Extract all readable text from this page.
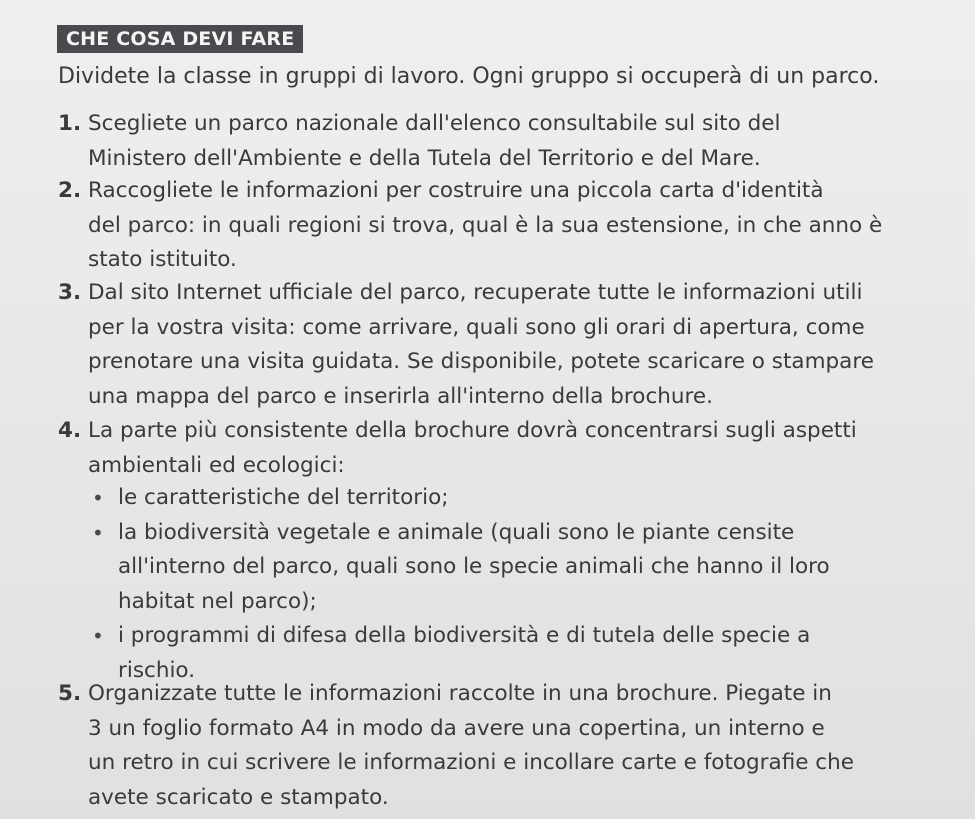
CHE COSA DEVI FARE
Dividete la classe in gruppi di lavoro. Ogni gruppo si occuperà di un parco.
1. Scegliete un parco nazionale dall'elenco consultabile sul sito del
Ministero dell'Ambiente e della Tutela del Territorio e del Mare.
2. Raccogliete le informazioni per costruire una piccola carta d'identità
del parco: in quali regioni si trova, qual è la sua estensione, in che anno è
stato istituito.
3. Dal sito Internet ufficiale del parco, recuperate tutte le informazioni utili
per la vostra visita: come arrivare, quali sono gli orari di apertura, come
prenotare una visita guidata. Se disponibile, potete scaricare o stampare
una mappa del parco e inserirla all'interno della brochure.
4. La parte più consistente della brochure dovrà concentrarsi sugli aspetti
ambientali ed ecologici:
• le caratteristiche del territorio;
• la biodiversità vegetale e animale (quali sono le piante censite
all'interno del parco, quali sono le specie animali che hanno il loro
habitat nel parco);
• i programmi di difesa della biodiversità e di tutela delle specie a
rischio.
5. Organizzate tutte le informazioni raccolte in una brochure. Piegate in
3 un foglio formato A4 in modo da avere una copertina, un interno e
un retro in cui scrivere le informazioni e incollare carte e fotografie che
avete scaricato e stampato.
